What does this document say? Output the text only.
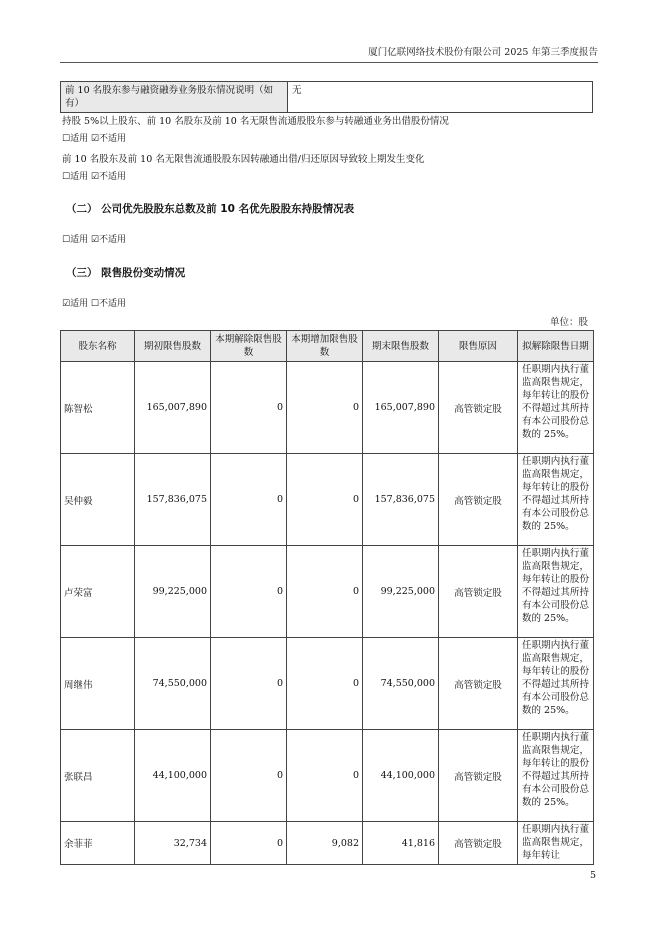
厦门亿联网络技术股份有限公司 2025 年第三季度报告
前 10 名股东参与融资融券业务股东情况说明（如有）	无
持股 5%以上股东、前 10 名股东及前 10 名无限售流通股股东参与转融通业务出借股份情况
☐适用 ☑不适用
前 10 名股东及前 10 名无限售流通股股东因转融通出借/归还原因导致较上期发生变化
☐适用 ☑不适用
（二） 公司优先股股东总数及前 10 名优先股股东持股情况表
☐适用 ☑不适用
（三） 限售股份变动情况
☑适用 ☐不适用
单位：股
股东名称	期初限售股数	本期解除限售股数	本期增加限售股数	期末限售股数	限售原因	拟解除限售日期
陈智松	165,007,890	0	0	165,007,890	高管锁定股	任职期内执行董监高限售规定，每年转让的股份不得超过其所持有本公司股份总数的 25%。
吴仲毅	157,836,075	0	0	157,836,075	高管锁定股	任职期内执行董监高限售规定，每年转让的股份不得超过其所持有本公司股份总数的 25%。
卢荣富	99,225,000	0	0	99,225,000	高管锁定股	任职期内执行董监高限售规定，每年转让的股份不得超过其所持有本公司股份总数的 25%。
周继伟	74,550,000	0	0	74,550,000	高管锁定股	任职期内执行董监高限售规定，每年转让的股份不得超过其所持有本公司股份总数的 25%。
张联昌	44,100,000	0	0	44,100,000	高管锁定股	任职期内执行董监高限售规定，每年转让的股份不得超过其所持有本公司股份总数的 25%。
余菲菲	32,734	0	9,082	41,816	高管锁定股	任职期内执行董监高限售规定，每年转让
5
